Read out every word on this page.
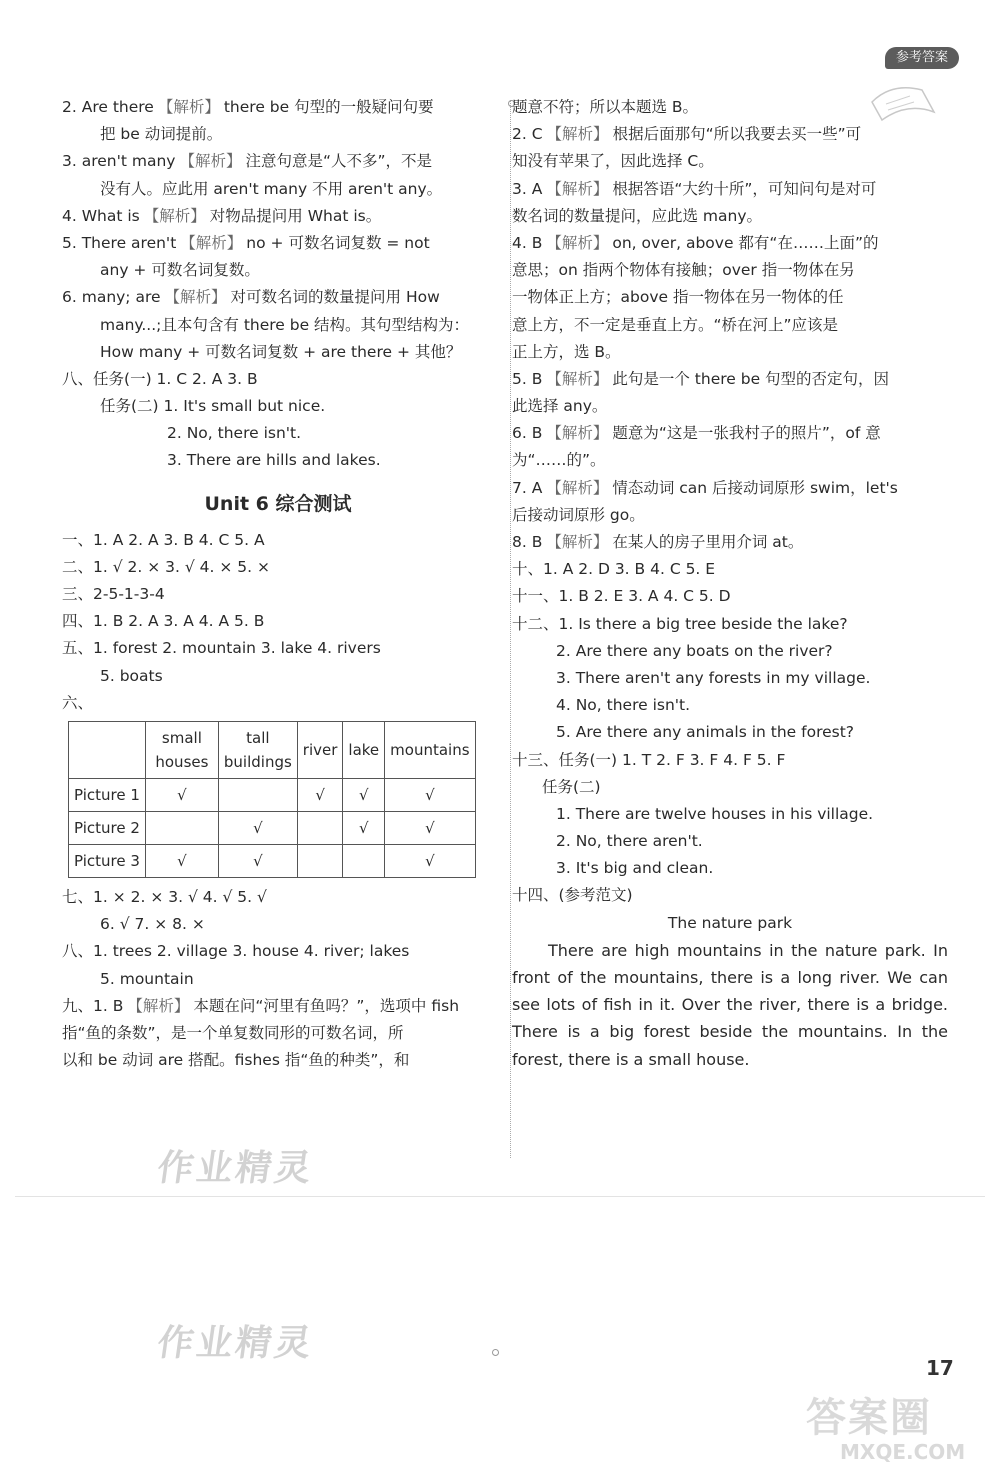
参考答案
2. Are there 【解析】 there be 句型的一般疑问句要
把 be 动词提前。
3. aren't many 【解析】 注意句意是“人不多”，不是
没有人。应此用 aren't many 不用 aren't any。
4. What is 【解析】 对物品提问用 What is。
5. There aren't 【解析】 no + 可数名词复数 = not
any + 可数名词复数。
6. many; are 【解析】 对可数名词的数量提问用 How
many...;且本句含有 there be 结构。其句型结构为：
How many + 可数名词复数 + are there + 其他？
八、任务(一) 1. C 2. A 3. B
任务(二) 1. It's small but nice.
2. No, there isn't.
3. There are hills and lakes.
Unit 6 综合测试
一、1. A 2. A 3. B 4. C 5. A
二、1. √ 2. × 3. √ 4. × 5. ×
三、2-5-1-3-4
四、1. B 2. A 3. A 4. A 5. B
五、1. forest 2. mountain 3. lake 4. rivers
5. boats
六、
	small houses	tall buildings	river	lake	mountains
Picture 1	√		√	√	√
Picture 2		√		√	√
Picture 3	√	√			√
七、1. × 2. × 3. √ 4. √ 5. √
6. √ 7. × 8. ×
八、1. trees 2. village 3. house 4. river; lakes
5. mountain
九、1. B 【解析】 本题在问“河里有鱼吗？”，选项中 fish
指“鱼的条数”，是一个单复数同形的可数名词，所
以和 be 动词 are 搭配。fishes 指“鱼的种类”，和
题意不符；所以本题选 B。
2. C 【解析】 根据后面那句“所以我要去买一些”可
知没有苹果了，因此选择 C。
3. A 【解析】 根据答语“大约十所”，可知问句是对可
数名词的数量提问，应此选 many。
4. B 【解析】 on, over, above 都有“在……上面”的
意思；on 指两个物体有接触；over 指一物体在另
一物体正上方；above 指一物体在另一物体的任
意上方，不一定是垂直上方。“桥在河上”应该是
正上方，选 B。
5. B 【解析】 此句是一个 there be 句型的否定句，因
此选择 any。
6. B 【解析】 题意为“这是一张我村子的照片”，of 意
为“……的”。
7. A 【解析】 情态动词 can 后接动词原形 swim，let's
后接动词原形 go。
8. B 【解析】 在某人的房子里用介词 at。
十、1. A 2. D 3. B 4. C 5. E
十一、1. B 2. E 3. A 4. C 5. D
十二、1. Is there a big tree beside the lake?
2. Are there any boats on the river?
3. There aren't any forests in my village.
4. No, there isn't.
5. Are there any animals in the forest?
十三、任务(一) 1. T 2. F 3. F 4. F 5. F
任务(二)
1. There are twelve houses in his village.
2. No, there aren't.
3. It's big and clean.
十四、(参考范文)
The nature park
There are high mountains in the nature park. In front of the mountains, there is a long river. We can see lots of fish in it. Over the river, there is a bridge. There is a big forest beside the mountains. In the forest, there is a small house.
作业精灵
作业精灵
17
答案圈
MXQE.COM
